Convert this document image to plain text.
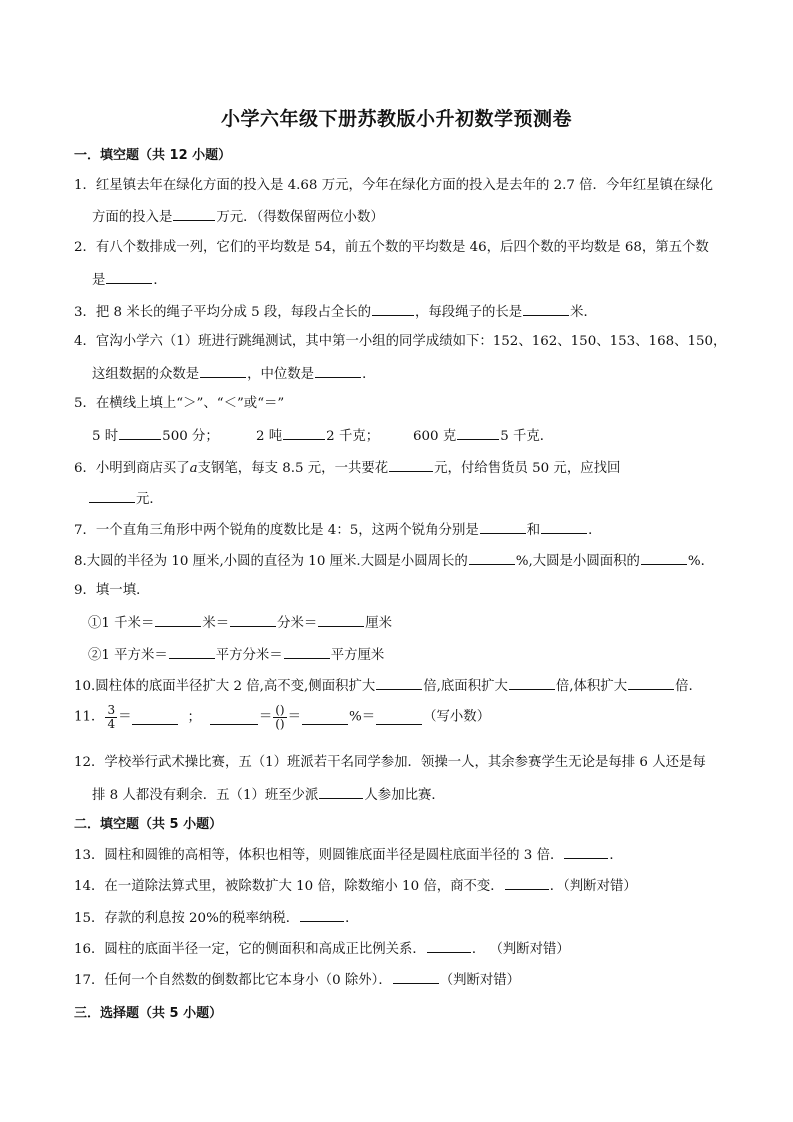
小学六年级下册苏教版小升初数学预测卷
一．填空题（共 12 小题）
1．红星镇去年在绿化方面的投入是 4.68 万元，今年在绿化方面的投入是去年的 2.7 倍．今年红星镇在绿化
方面的投入是	万元．（得数保留两位小数）
2．有八个数排成一列，它们的平均数是 54，前五个数的平均数是 46，后四个数的平均数是 68，第五个数
是	．
3．把 8 米长的绳子平均分成 5 段，每段占全长的	，每段绳子的长是	米．
4．官沟小学六（1）班进行跳绳测试，其中第一小组的同学成绩如下：152、162、150、153、168、150，
这组数据的众数是	，中位数是	．
5．在横线上填上“＞”、“＜”或“＝”
5 时	500 分；	2 吨	2 千克；	600 克	5 千克．
6．小明到商店买了a支钢笔，每支 8.5 元，一共要花	元，付给售货员 50 元，应找回
元．
7．一个直角三角形中两个锐角的度数比是 4：5，这两个锐角分别是	和	．
8.大圆的半径为 10 厘米,小圆的直径为 10 厘米.大圆是小圆周长的	%,大圆是小圆面积的	%．
9．填一填．
①1 千米＝	米＝	分米＝	厘米
②1 平方米＝	平方分米＝	平方厘米
10.圆柱体的底面半径扩大 2 倍,高不变,侧面积扩大	倍,底面积扩大	倍,体积扩大	倍.
11． $\frac{3}{4}$ ＝	；	＝ $\frac{()}{()}$ ＝	%＝	（写小数）
12．学校举行武术操比赛，五（1）班派若干名同学参加．领操一人，其余参赛学生无论是每排 6 人还是每
排 8 人都没有剩余．五（1）班至少派	人参加比赛．
二．填空题（共 5 小题）
13．圆柱和圆锥的高相等，体积也相等，则圆锥底面半径是圆柱底面半径的 3 倍．	．
14．在一道除法算式里，被除数扩大 10 倍，除数缩小 10 倍，商不变．	．（判断对错）
15．存款的利息按 20%的税率纳税．	．
16．圆柱的底面半径一定，它的侧面积和高成正比例关系．	． （判断对错）
17．任何一个自然数的倒数都比它本身小（0 除外）．	（判断对错）
三．选择题（共 5 小题）
